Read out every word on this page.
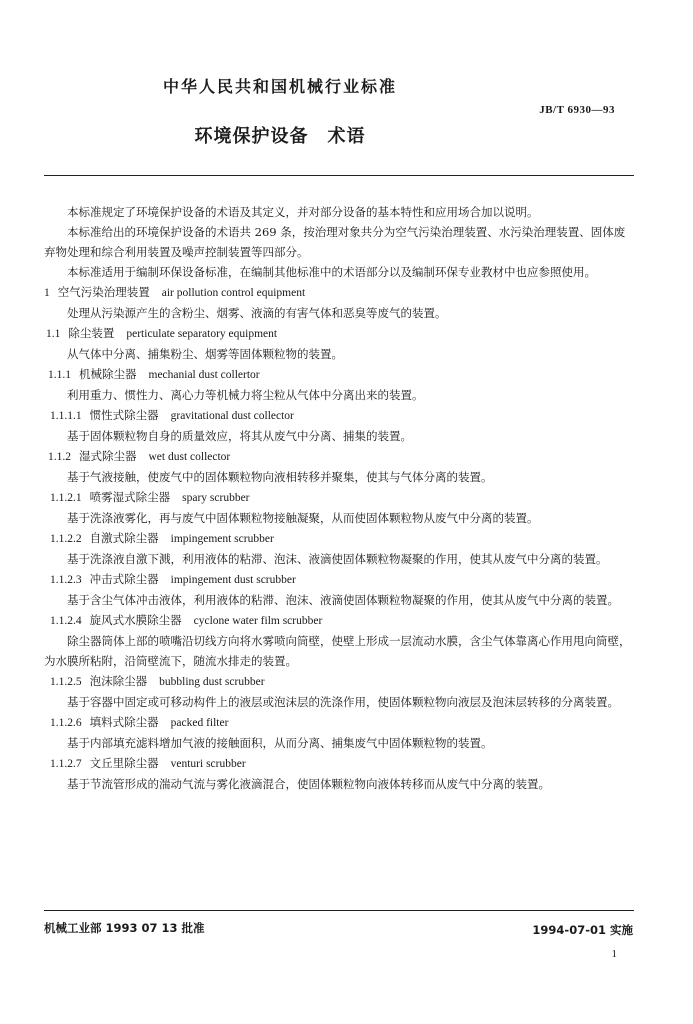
中华人民共和国机械行业标准
JB/T 6930—93
环境保护设备　术语

本标准规定了环境保护设备的术语及其定义，并对部分设备的基本特性和应用场合加以说明。

本标准给出的环境保护设备的术语共 269 条，按治理对象共分为空气污染治理装置、水污染治理装置、固体废弃物处理和综合利用装置及噪声控制装置等四部分。

本标准适用于编制环保设备标准，在编制其他标准中的术语部分以及编制环保专业教材中也应参照使用。

1 空气污染治理装置 air pollution control equipment

处理从污染源产生的含粉尘、烟雾、液滴的有害气体和恶臭等废气的装置。

1.1 除尘装置 perticulate separatory equipment

从气体中分离、捕集粉尘、烟雾等固体颗粒物的装置。

1.1.1 机械除尘器 mechanial dust collertor

利用重力、惯性力、离心力等机械力将尘粒从气体中分离出来的装置。

1.1.1.1 惯性式除尘器 gravitational dust collector

基于固体颗粒物自身的质量效应，将其从废气中分离、捕集的装置。

1.1.2 湿式除尘器 wet dust collector

基于气液接触，使废气中的固体颗粒物向液相转移并聚集，使其与气体分离的装置。

1.1.2.1 喷雾湿式除尘器 spary scrubber

基于洗涤液雾化，再与废气中固体颗粒物接触凝聚，从而使固体颗粒物从废气中分离的装置。

1.1.2.2 自激式除尘器 impingement scrubber

基于洗涤液自激下溅，利用液体的粘滞、泡沫、液滴使固体颗粒物凝聚的作用，使其从废气中分离的装置。

1.1.2.3 冲击式除尘器 impingement dust scrubber

基于含尘气体冲击液体，利用液体的粘滞、泡沫、液滴使固体颗粒物凝聚的作用，使其从废气中分离的装置。

1.1.2.4 旋风式水膜除尘器 cyclone water film scrubber

除尘器筒体上部的喷嘴沿切线方向将水雾喷向筒壁，使壁上形成一层流动水膜，含尘气体靠离心作用甩向筒壁，为水膜所粘附，沿筒壁流下，随流水排走的装置。

1.1.2.5 泡沫除尘器 bubbling dust scrubber

基于容器中固定或可移动构件上的液层或泡沫层的洗涤作用，使固体颗粒物向液层及泡沫层转移的分离装置。

1.1.2.6 填料式除尘器 packed filter

基于内部填充滤料增加气液的接触面积，从而分离、捕集废气中固体颗粒物的装置。

1.1.2.7 文丘里除尘器 venturi scrubber

基于节流管形成的湍动气流与雾化液滴混合，使固体颗粒物向液体转移而从废气中分离的装置。

机械工业部 1993 07 13 批准	1994-07-01 实施
1
